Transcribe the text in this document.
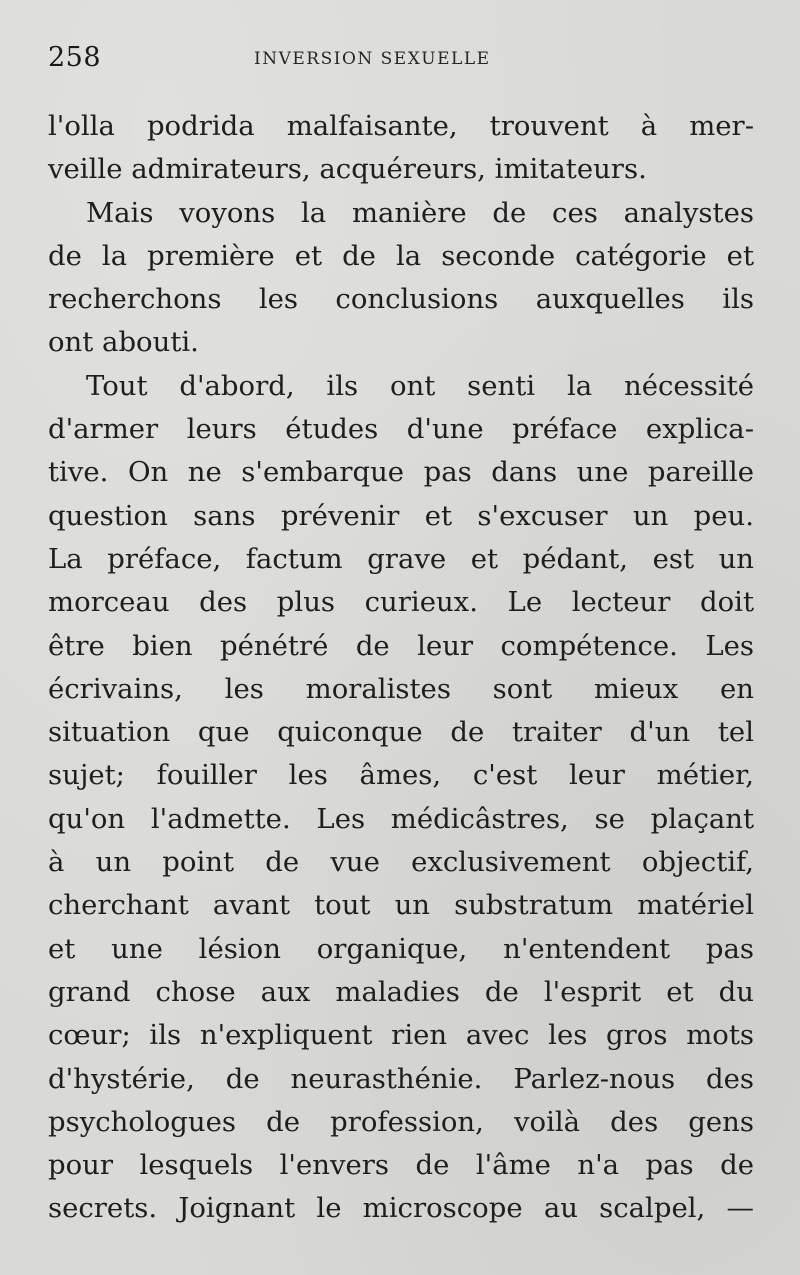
258	INVERSION SEXUELLE
l'olla podrida malfaisante, trouvent à mer-
veille admirateurs, acquéreurs, imitateurs.
Mais voyons la manière de ces analystes
de la première et de la seconde catégorie et
recherchons les conclusions auxquelles ils
ont abouti.
Tout d'abord, ils ont senti la nécessité
d'armer leurs études d'une préface explica-
tive. On ne s'embarque pas dans une pareille
question sans prévenir et s'excuser un peu.
La préface, factum grave et pédant, est un
morceau des plus curieux. Le lecteur doit
être bien pénétré de leur compétence. Les
écrivains, les moralistes sont mieux en
situation que quiconque de traiter d'un tel
sujet; fouiller les âmes, c'est leur métier,
qu'on l'admette. Les médicâstres, se plaçant
à un point de vue exclusivement objectif,
cherchant avant tout un substratum matériel
et une lésion organique, n'entendent pas
grand chose aux maladies de l'esprit et du
cœur; ils n'expliquent rien avec les gros mots
d'hystérie, de neurasthénie. Parlez-nous des
psychologues de profession, voilà des gens
pour lesquels l'envers de l'âme n'a pas de
secrets. Joignant le microscope au scalpel, —
